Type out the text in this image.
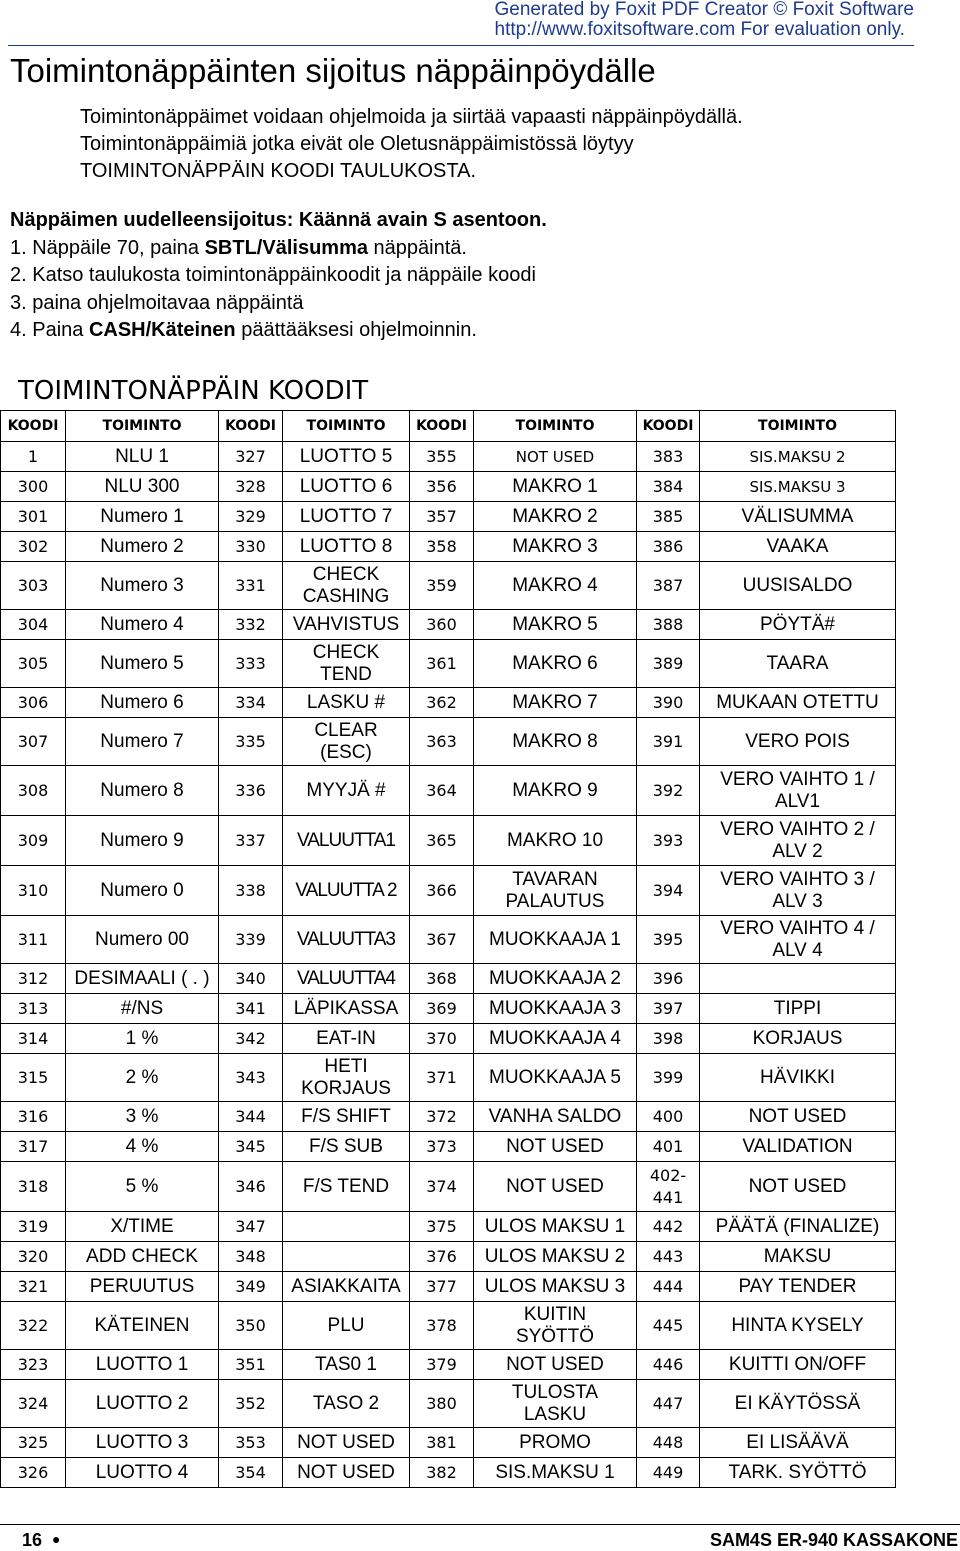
Generated by Foxit PDF Creator © Foxit Software
http://www.foxitsoftware.com For evaluation only.
Toimintonäppäinten sijoitus näppäinpöydälle
Toimintonäppäimet voidaan ohjelmoida ja siirtää vapaasti näppäinpöydällä.
Toimintonäppäimiä jotka eivät ole Oletusnäppäimistössä löytyy
TOIMINTONÄPPÄIN KOODI TAULUKOSTA.
Näppäimen uudelleensijoitus: Käännä avain S asentoon.
1. Näppäile 70, paina SBTL/Välisumma näppäintä.
2. Katso taulukosta toimintonäppäinkoodit ja näppäile koodi
3. paina ohjelmoitavaa näppäintä
4. Paina CASH/Käteinen päättääksesi ohjelmoinnin.
TOIMINTONÄPPÄIN KOODIT
KOODI	TOIMINTO	KOODI	TOIMINTO	KOODI	TOIMINTO	KOODI	TOIMINTO
1	NLU 1	327	LUOTTO 5	355	NOT USED	383	SIS.MAKSU 2
300	NLU 300	328	LUOTTO 6	356	MAKRO 1	384	SIS.MAKSU 3
301	Numero 1	329	LUOTTO 7	357	MAKRO 2	385	VÄLISUMMA
302	Numero 2	330	LUOTTO 8	358	MAKRO 3	386	VAAKA
303	Numero 3	331	CHECK
CASHING	359	MAKRO 4	387	UUSISALDO
304	Numero 4	332	VAHVISTUS	360	MAKRO 5	388	PÖYTÄ#
305	Numero 5	333	CHECK
TEND	361	MAKRO 6	389	TAARA
306	Numero 6	334	LASKU #	362	MAKRO 7	390	MUKAAN OTETTU
307	Numero 7	335	CLEAR
(ESC)	363	MAKRO 8	391	VERO POIS
308	Numero 8	336	MYYJÄ #	364	MAKRO 9	392	VERO VAIHTO 1 /
ALV1
309	Numero 9	337	VALUUTTA1	365	MAKRO 10	393	VERO VAIHTO 2 /
ALV 2
310	Numero 0	338	VALUUTTA 2	366	TAVARAN
PALAUTUS	394	VERO VAIHTO 3 /
ALV 3
311	Numero 00	339	VALUUTTA3	367	MUOKKAAJA 1	395	VERO VAIHTO 4 /
ALV 4
312	DESIMAALI ( . )	340	VALUUTTA4	368	MUOKKAAJA 2	396	
313	#/NS	341	LÄPIKASSA	369	MUOKKAAJA 3	397	TIPPI
314	1 %	342	EAT-IN	370	MUOKKAAJA 4	398	KORJAUS
315	2 %	343	HETI
KORJAUS	371	MUOKKAAJA 5	399	HÄVIKKI
316	3 %	344	F/S SHIFT	372	VANHA SALDO	400	NOT USED
317	4 %	345	F/S SUB	373	NOT USED	401	VALIDATION
318	5 %	346	F/S TEND	374	NOT USED	402-
441	NOT USED
319	X/TIME	347		375	ULOS MAKSU 1	442	PÄÄTÄ (FINALIZE)
320	ADD CHECK	348		376	ULOS MAKSU 2	443	MAKSU
321	PERUUTUS	349	ASIAKKAITA	377	ULOS MAKSU 3	444	PAY TENDER
322	KÄTEINEN	350	PLU	378	KUITIN
SYÖTTÖ	445	HINTA KYSELY
323	LUOTTO 1	351	TAS0 1	379	NOT USED	446	KUITTI ON/OFF
324	LUOTTO 2	352	TASO 2	380	TULOSTA
LASKU	447	EI KÄYTÖSSÄ
325	LUOTTO 3	353	NOT USED	381	PROMO	448	EI LISÄÄVÄ
326	LUOTTO 4	354	NOT USED	382	SIS.MAKSU 1	449	TARK. SYÖTTÖ
16 ●	SAM4S ER-940 KASSAKONE
